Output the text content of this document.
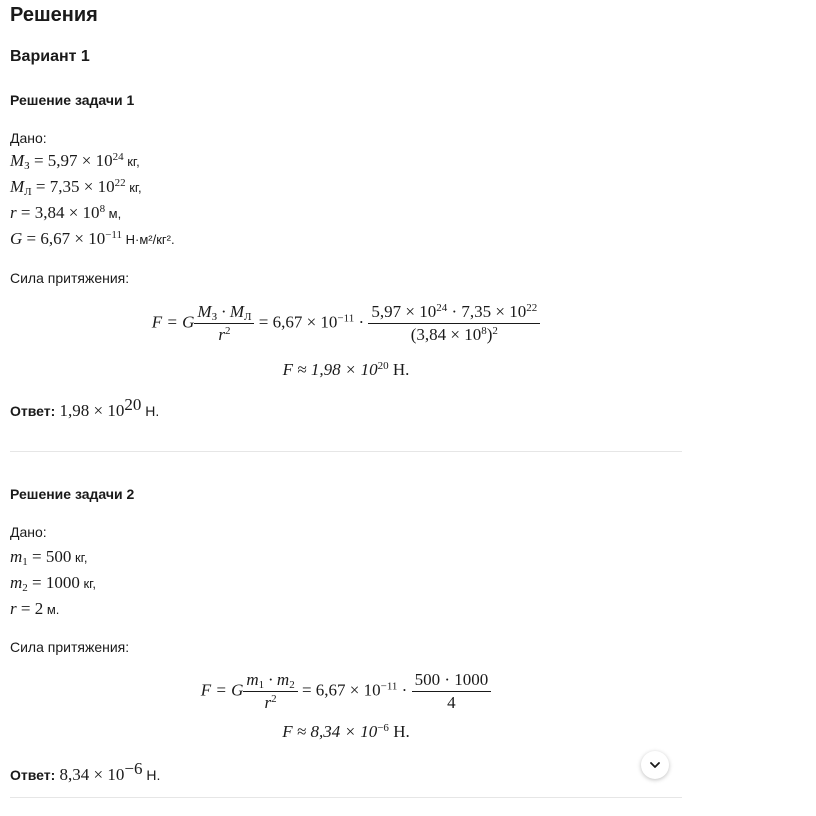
Решения
Вариант 1
Решение задачи 1
Дано:
$M_З = 5,97 \times 10^{24}$ кг,
$M_Л = 7,35 \times 10^{22}$ кг,
$r = 3,84 \times 10^8$ м,
$G = 6,67 \times 10^{-11}$ Н·м²/кг².
Сила притяжения:
F = G $\frac{M_З \cdot M_Л}{r^2} = 6,67 \times 10^{-11} \cdot \frac{5,97 \times 10^{24} \cdot 7,35 \times 10^{22}}{(3,84 \times 10^8)^2}$
$F \approx 1,98 \times 10^{20}$ Н.
Ответ: $1,98 \times 10^{20}$ Н.
Решение задачи 2
Дано:
$m_1 = 500$ кг,
$m_2 = 1000$ кг,
r = 2 м.
Сила притяжения:
F = G $\frac{m_1 \cdot m_2}{r^2} = 6,67 \times 10^{-11} \cdot \frac{500 \cdot 1000}{4}$
$F \approx 8,34 \times 10^{-6}$ Н.
Ответ: $8,34 \times 10^{-6}$ Н.
